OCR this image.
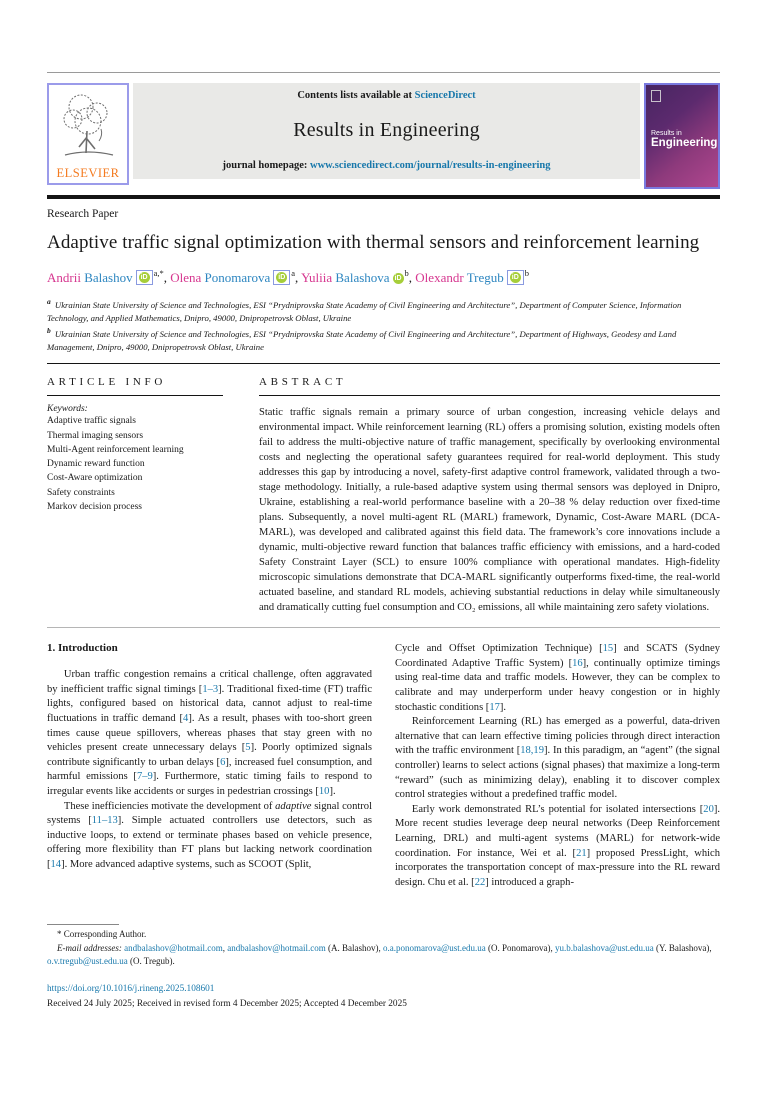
ELSEVIER
Contents lists available at ScienceDirect
Results in Engineering
journal homepage: www.sciencedirect.com/journal/results-in-engineering
Results in
Engineering
Research Paper
Adaptive traffic signal optimization with thermal sensors and reinforcement learning
Andrii Balashov iD $^{a,*}$, Olena Ponomarova iD $^a$, Yuliia Balashova $iD^b$, Olexandr Tregub iD $^b$
a Ukrainian State University of Science and Technologies, ESI “Prydniprovska State Academy of Civil Engineering and Architecture”, Department of Computer Science, Information Technology, and Applied Mathematics, Dnipro, 49000, Dnipropetrovsk Oblast, Ukraine
b Ukrainian State University of Science and Technologies, ESI “Prydniprovska State Academy of Civil Engineering and Architecture”, Department of Highways, Geodesy and Land Management, Dnipro, 49000, Dnipropetrovsk Oblast, Ukraine
ARTICLE INFO
Keywords:
Adaptive traffic signals
Thermal imaging sensors
Multi-Agent reinforcement learning
Dynamic reward function
Cost-Aware optimization
Safety constraints
Markov decision process
ABSTRACT
Static traffic signals remain a primary source of urban congestion, increasing vehicle delays and environmental impact. While reinforcement learning (RL) offers a promising solution, existing models often fail to address the multi-objective nature of traffic management, specifically by overlooking environmental costs and neglecting the operational safety guarantees required for real-world deployment. This study addresses this gap by introducing a novel, safety-first adaptive control framework, validated through a two-stage methodology. Initially, a rule-based adaptive system using thermal sensors was deployed in Dnipro, Ukraine, establishing a real-world performance baseline with a 20–38 % delay reduction over fixed-time plans. Subsequently, a novel multi-agent RL (MARL) framework, Dynamic, Cost-Aware MARL (DCA-MARL), was developed and calibrated against this field data. The framework’s core innovations include a dynamic, multi-objective reward function that balances traffic efficiency with emissions, and a hard-coded Safety Constraint Layer (SCL) to ensure 100% compliance with operational mandates. High-fidelity microscopic simulations demonstrate that DCA-MARL significantly outperforms fixed-time, the real-world actuated baseline, and standard RL models, achieving substantial reductions in delay while simultaneously and dramatically cutting fuel consumption and CO₂ emissions, all while maintaining zero safety violations.
1. Introduction

Urban traffic congestion remains a critical challenge, often aggravated by inefficient traffic signal timings [1–3]. Traditional fixed-time (FT) traffic lights, configured based on historical data, cannot adjust to real-time fluctuations in traffic demand [4]. As a result, phases with too-short green times cause queue spillovers, whereas phases that stay green with no vehicles present create unnecessary delays [5]. Poorly optimized signals contribute significantly to urban delays [6], increased fuel consumption, and harmful emissions [7–9]. Furthermore, static timing fails to respond to irregular events like accidents or surges in pedestrian crossings [10].

These inefficiencies motivate the development of adaptive signal control systems [11–13]. Simple actuated controllers use detectors, such as inductive loops, to extend or terminate phases based on vehicle presence, offering more flexibility than FT plans but lacking network coordination [14]. More advanced adaptive systems, such as SCOOT (Split,

Cycle and Offset Optimization Technique) [15] and SCATS (Sydney Coordinated Adaptive Traffic System) [16], continually optimize timings using real-time data and traffic models. However, they can be complex to calibrate and may underperform under heavy congestion or in highly stochastic conditions [17].

Reinforcement Learning (RL) has emerged as a powerful, data-driven alternative that can learn effective timing policies through direct interaction with the traffic environment [18,19]. In this paradigm, an “agent” (the signal controller) learns to select actions (signal phases) that maximize a long-term “reward” (such as minimizing delay), enabling it to discover complex control strategies without a predefined traffic model.

Early work demonstrated RL’s potential for isolated intersections [20]. More recent studies leverage deep neural networks (Deep Reinforcement Learning, DRL) and multi-agent systems (MARL) for network-wide coordination. For instance, Wei et al. [21] proposed PressLight, which incorporates the transportation concept of max-pressure into the RL reward design. Chu et al. [22] introduced a graph-

* Corresponding Author.
E-mail addresses: andbalashov@hotmail.com, andbalashov@hotmail.com (A. Balashov), o.a.ponomarova@ust.edu.ua (O. Ponomarova), yu.b.balashova@ust.edu.ua (Y. Balashova), o.v.tregub@ust.edu.ua (O. Tregub).
https://doi.org/10.1016/j.rineng.2025.108601
Received 24 July 2025; Received in revised form 4 December 2025; Accepted 4 December 2025
